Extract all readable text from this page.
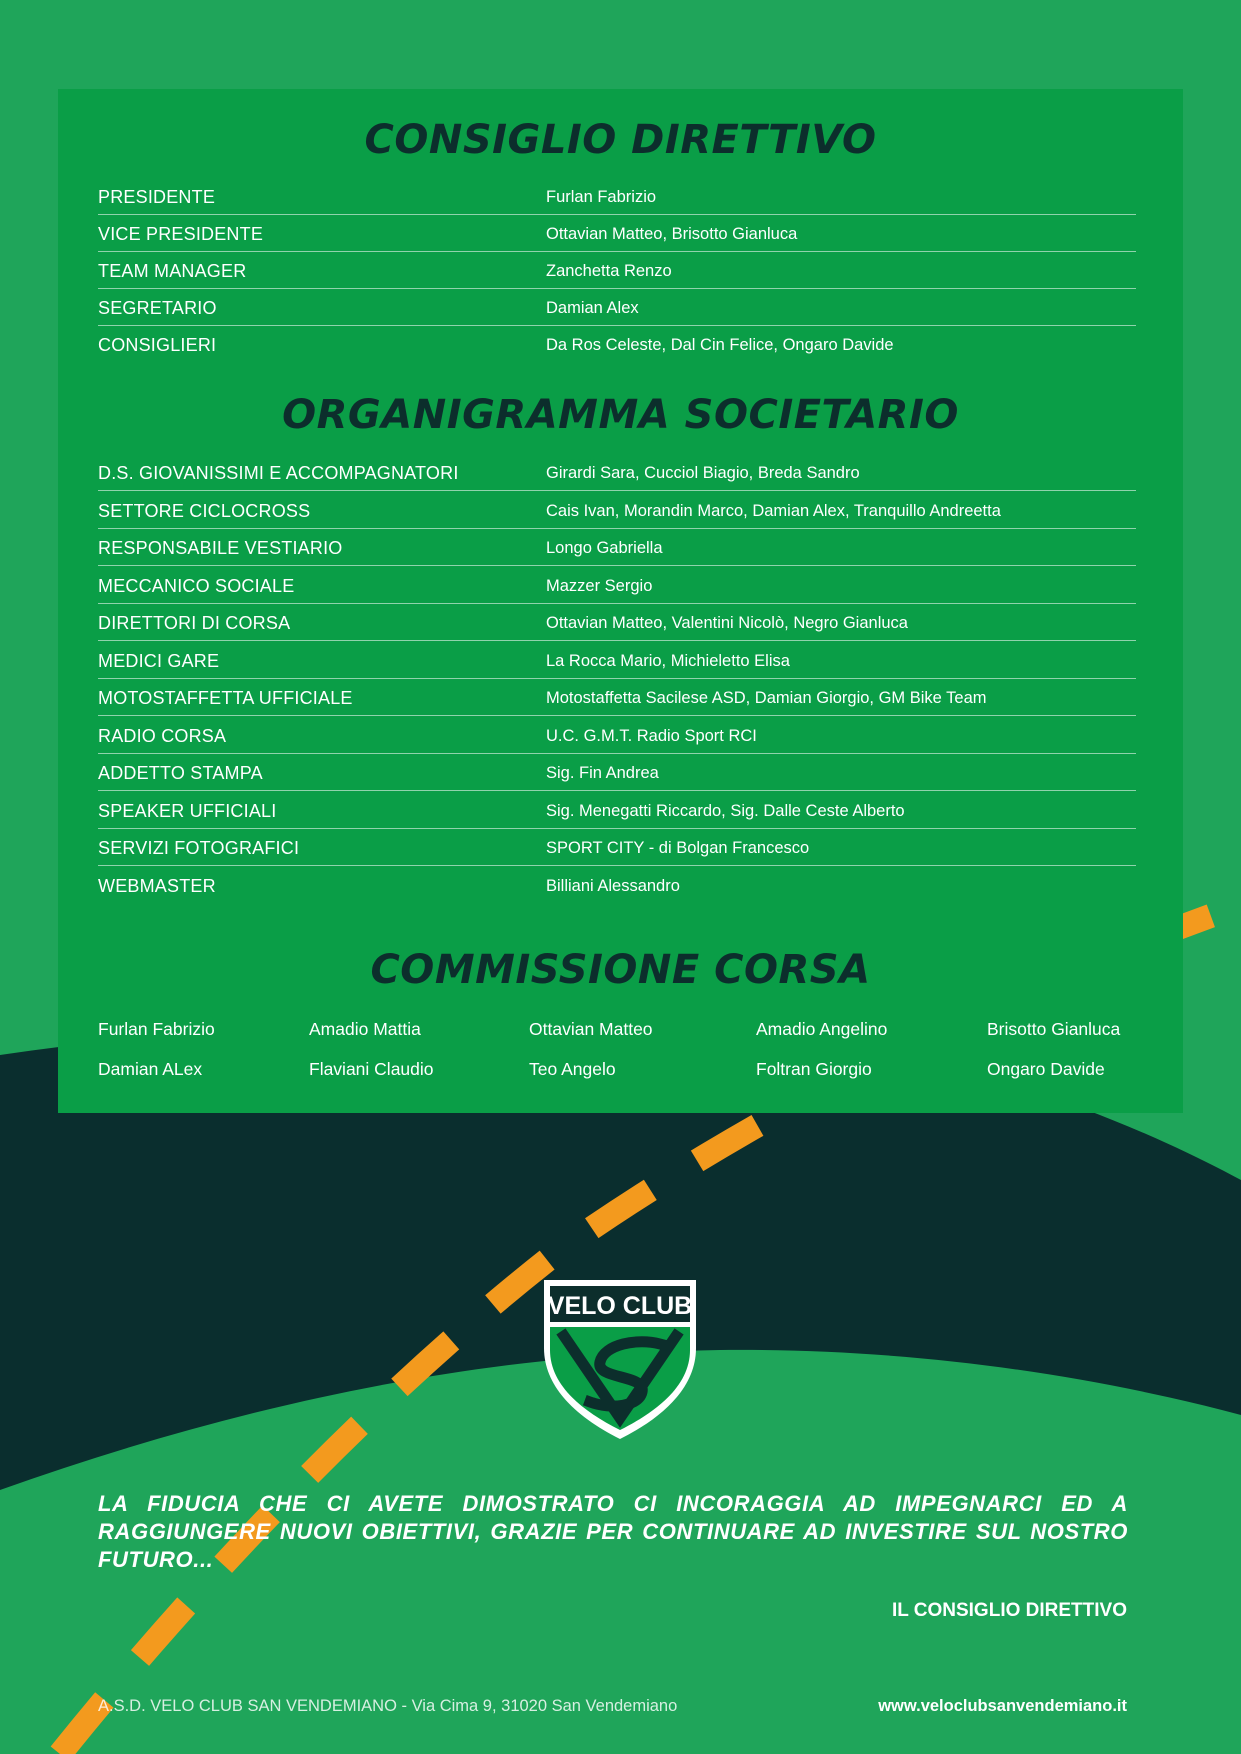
CONSIGLIO DIRETTIVO
PRESIDENTE	Furlan Fabrizio
VICE PRESIDENTE	Ottavian Matteo, Brisotto Gianluca
TEAM MANAGER	Zanchetta Renzo
SEGRETARIO	Damian Alex
CONSIGLIERI	Da Ros Celeste, Dal Cin Felice, Ongaro Davide
ORGANIGRAMMA SOCIETARIO
D.S. GIOVANISSIMI E ACCOMPAGNATORI	Girardi Sara, Cucciol Biagio, Breda Sandro
SETTORE CICLOCROSS	Cais Ivan, Morandin Marco, Damian Alex, Tranquillo Andreetta
RESPONSABILE VESTIARIO	Longo Gabriella
MECCANICO SOCIALE	Mazzer Sergio
DIRETTORI DI CORSA	Ottavian Matteo, Valentini Nicolò, Negro Gianluca
MEDICI GARE	La Rocca Mario, Michieletto Elisa
MOTOSTAFFETTA UFFICIALE	Motostaffetta Sacilese ASD, Damian Giorgio, GM Bike Team
RADIO CORSA	U.C. G.M.T. Radio Sport RCI
ADDETTO STAMPA	Sig. Fin Andrea
SPEAKER UFFICIALI	Sig. Menegatti Riccardo, Sig. Dalle Ceste Alberto
SERVIZI FOTOGRAFICI	SPORT CITY - di Bolgan Francesco
WEBMASTER	Billiani Alessandro
COMMISSIONE CORSA
Furlan Fabrizio	Amadio Mattia	Ottavian Matteo	Amadio Angelino	Brisotto Gianluca
Damian ALex	Flaviani Claudio	Teo Angelo	Foltran Giorgio	Ongaro Davide
VELO CLUB
LA FIDUCIA CHE CI AVETE DIMOSTRATO CI INCORAGGIA AD IMPEGNARCI ED A RAGGIUNGERE NUOVI OBIETTIVI, GRAZIE PER CONTINUARE AD INVESTIRE SUL NOSTRO FUTURO...
IL CONSIGLIO DIRETTIVO
A.S.D. VELO CLUB SAN VENDEMIANO - Via Cima 9, 31020 San Vendemiano	www.veloclubsanvendemiano.it
